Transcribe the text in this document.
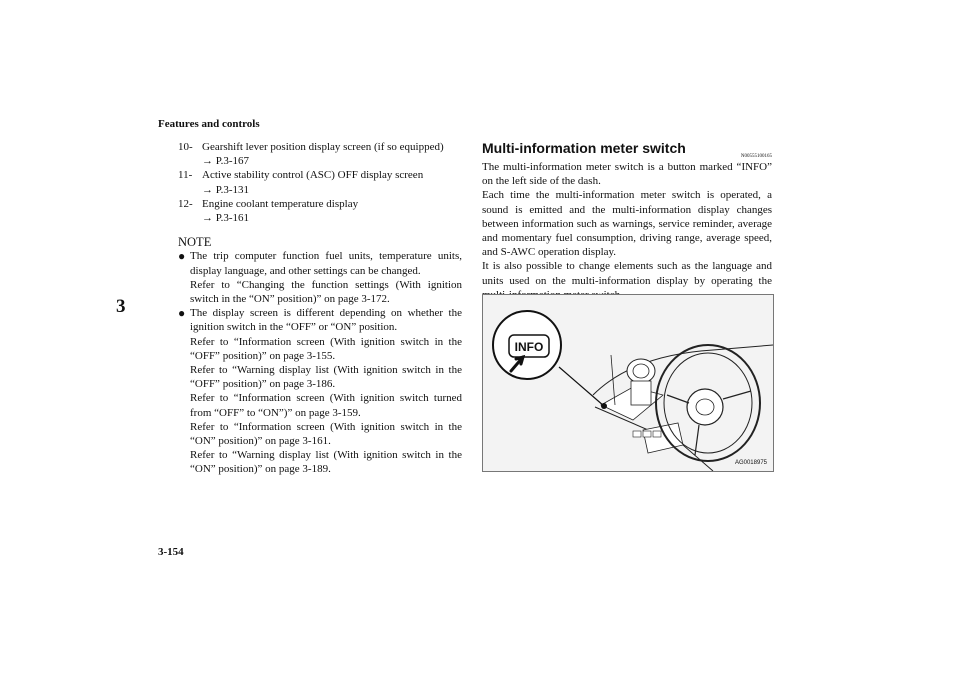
Features and controls
3
10- Gearshift lever position display screen (if so equipped)
→ P.3-167
11- Active stability control (ASC) OFF display screen
→ P.3-131
12- Engine coolant temperature display
→ P.3-161
NOTE
● The trip computer function fuel units, temperature units, display language, and other settings can be changed.
Refer to “Changing the function settings (With ignition switch in the “ON” position)” on page 3-172.
● The display screen is different depending on whether the ignition switch in the “OFF” or “ON” position.
Refer to “Information screen (With ignition switch in the “OFF” position)” on page 3-155.
Refer to “Warning display list (With ignition switch in the “OFF” position)” on page 3-186.
Refer to “Information screen (With ignition switch turned from “OFF” to “ON”)” on page 3-159.
Refer to “Information screen (With ignition switch in the “ON” position)” on page 3-161.
Refer to “Warning display list (With ignition switch in the “ON” position)” on page 3-189.
Multi-information meter switch
N00555100165
The multi-information meter switch is a button marked “INFO” on the left side of the dash.
Each time the multi-information meter switch is operated, a sound is emitted and the multi-information display changes between information such as warnings, service reminder, average and momentary fuel consumption, driving range, average speed, and S-AWC operation display.
It is also possible to change elements such as the language and units used on the multi-information display by operating the
INFO
AG0018975
3-154
